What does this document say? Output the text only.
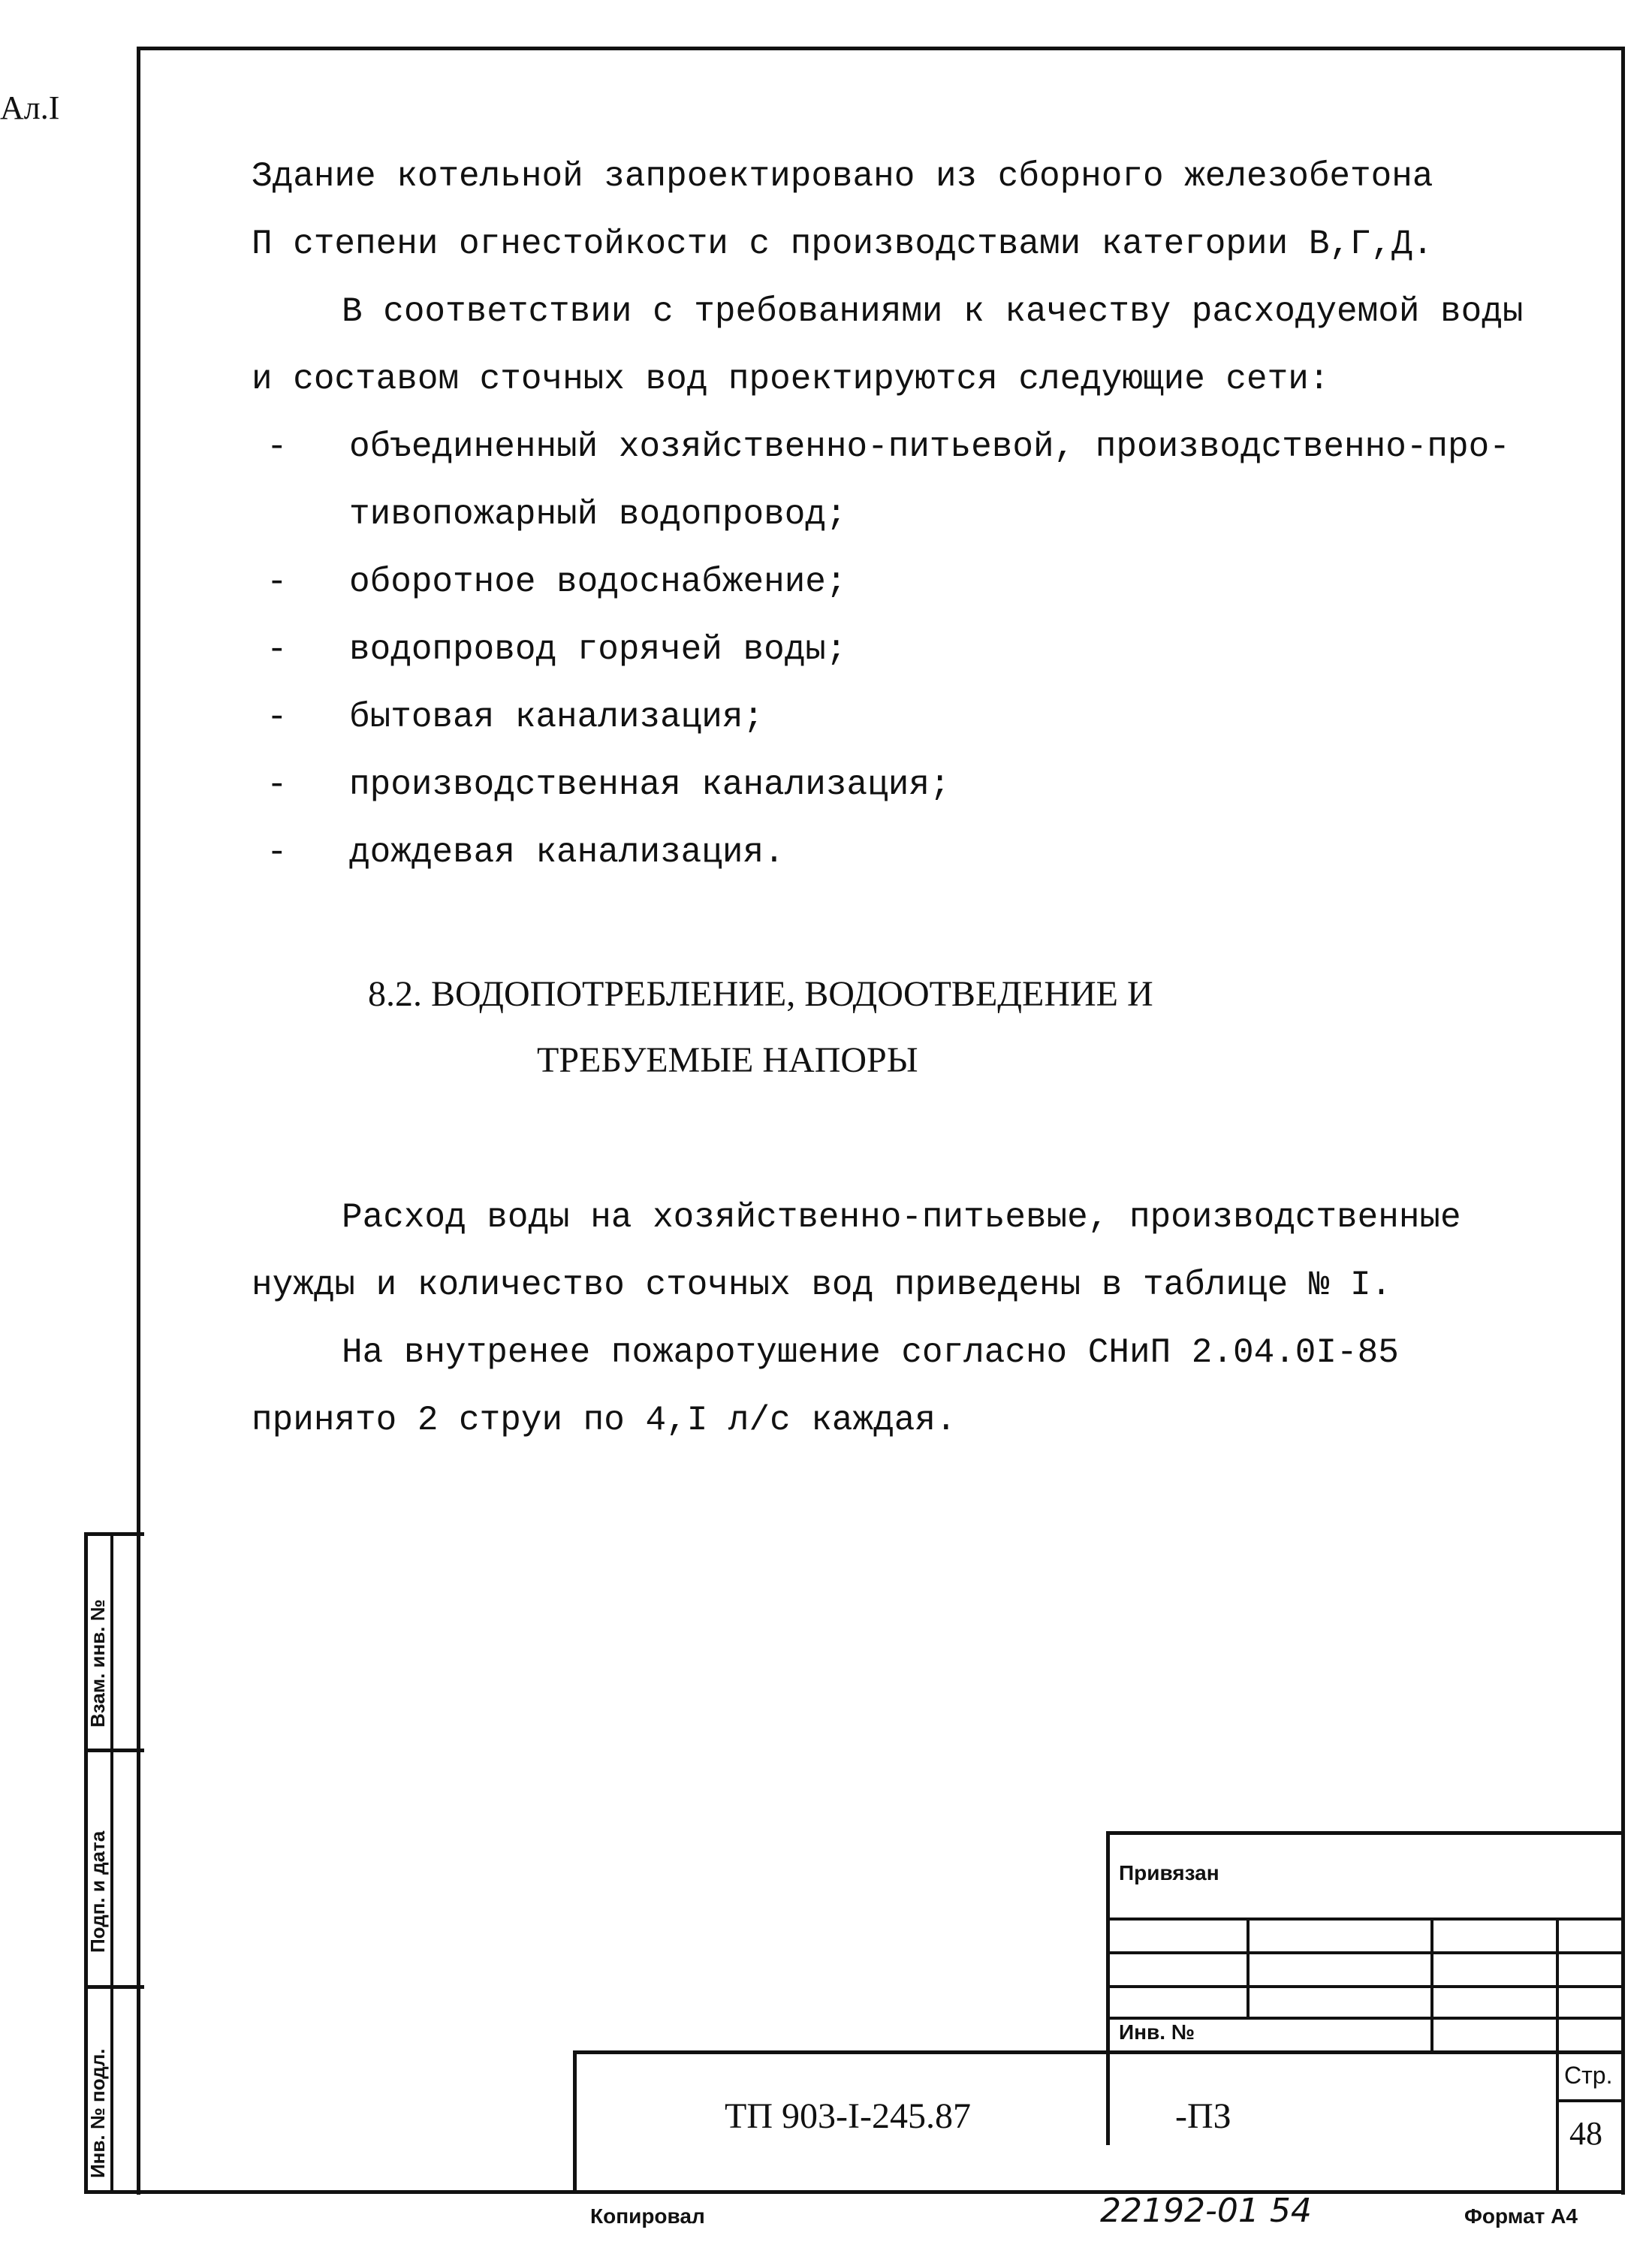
Ал.I
Здание котельной запроектировано из сборного железобетона
П степени огнестойкости с производствами категории В,Г,Д.
В соответствии с требованиями к качеству расходуемой воды
и составом сточных вод проектируются следующие сети:
- объединенный хозяйственно-питьевой, производственно-про-
тивопожарный водопровод;
- оборотное водоснабжение;
- водопровод горячей воды;
- бытовая канализация;
- производственная канализация;
- дождевая канализация.
8.2. ВОДОПОТРЕБЛЕНИЕ, ВОДООТВЕДЕНИЕ И
ТРЕБУЕМЫЕ НАПОРЫ
Расход воды на хозяйственно-питьевые, производственные
нужды и количество сточных вод приведены в таблице № I.
На внутренее пожаротушение согласно СНиП 2.04.0I-85
принято 2 струи по 4,I л/с каждая.
Взам. инв. №
Подп. и дата
Инв. № подл.
Привязан
Инв. №
ТП 903-I-245.87	-ПЗ
Стр.
48
Копировал	22192-01 54	Формат А4
